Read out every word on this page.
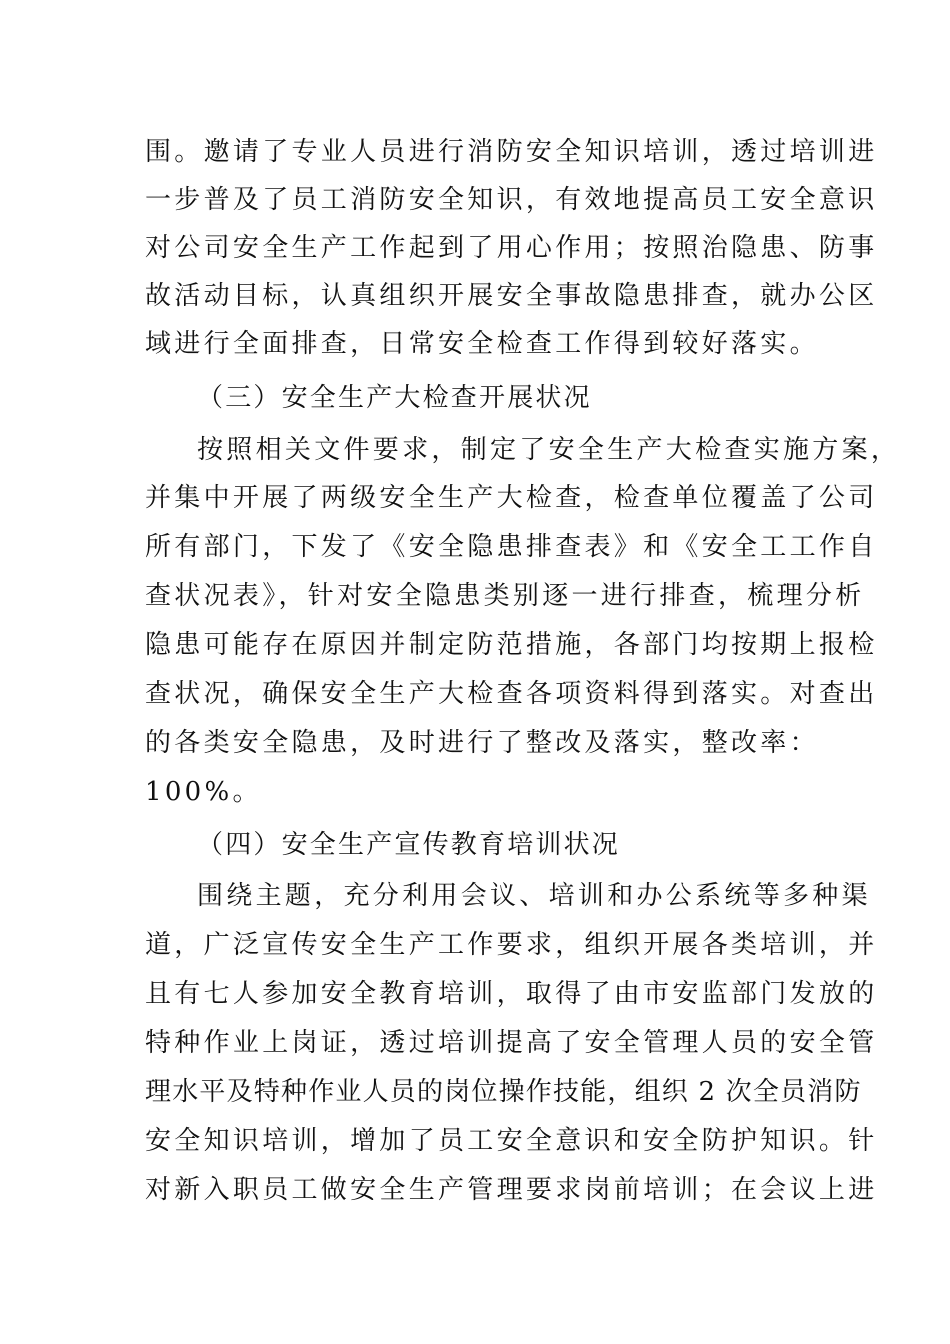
围。邀请了专业人员进行消防安全知识培训，透过培训进
一步普及了员工消防安全知识，有效地提高员工安全意识
对公司安全生产工作起到了用心作用；按照治隐患、防事
故活动目标，认真组织开展安全事故隐患排查，就办公区
域进行全面排查，日常安全检查工作得到较好落实。
（三）安全生产大检查开展状况
按照相关文件要求，制定了安全生产大检查实施方案，
并集中开展了两级安全生产大检查，检查单位覆盖了公司
所有部门，下发了《安全隐患排查表》和《安全工工作自
查状况表》，针对安全隐患类别逐一进行排查，梳理分析
隐患可能存在原因并制定防范措施，各部门均按期上报检
查状况，确保安全生产大检查各项资料得到落实。对查出
的各类安全隐患，及时进行了整改及落实，整改率：
100%。
（四）安全生产宣传教育培训状况
围绕主题，充分利用会议、培训和办公系统等多种渠
道，广泛宣传安全生产工作要求，组织开展各类培训，并
且有七人参加安全教育培训，取得了由市安监部门发放的
特种作业上岗证，透过培训提高了安全管理人员的安全管
理水平及特种作业人员的岗位操作技能，组织 2 次全员消防
安全知识培训，增加了员工安全意识和安全防护知识。针
对新入职员工做安全生产管理要求岗前培训；在会议上进
